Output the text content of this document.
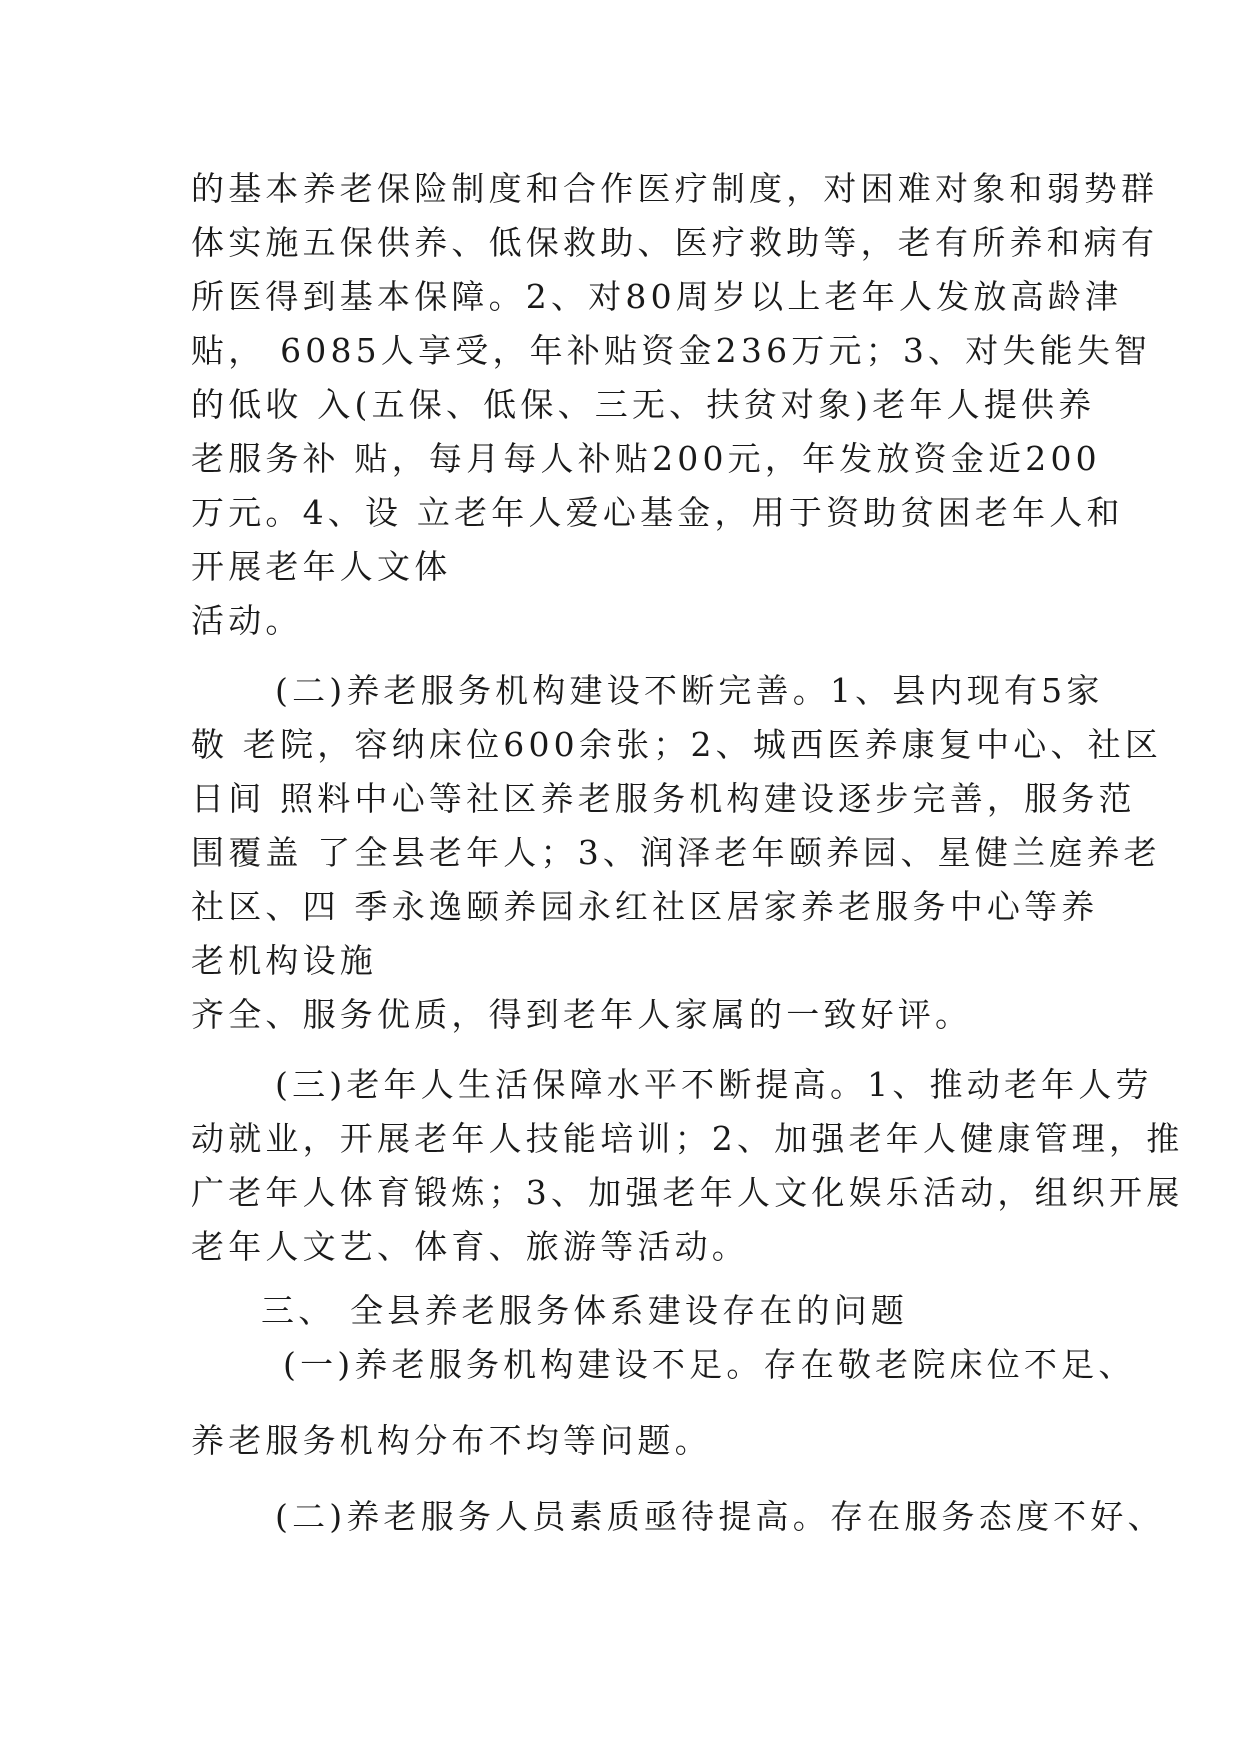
的基本养老保险制度和合作医疗制度，对困难对象和弱势群
体实施五保供养、低保救助、医疗救助等，老有所养和病有
所医得到基本保障。2、对80周岁以上老年人发放高龄津
贴， 6085人享受，年补贴资金236万元；3、对失能失智
的低收 入(五保、低保、三无、扶贫对象)老年人提供养
老服务补 贴，每月每人补贴200元，年发放资金近200
万元。4、设 立老年人爱心基金，用于资助贫困老年人和
开展老年人文体
活动。
(二)养老服务机构建设不断完善。1、县内现有5家
敬 老院，容纳床位600余张；2、城西医养康复中心、社区
日间 照料中心等社区养老服务机构建设逐步完善，服务范
围覆盖 了全县老年人；3、润泽老年颐养园、星健兰庭养老
社区、四 季永逸颐养园永红社区居家养老服务中心等养
老机构设施
齐全、服务优质，得到老年人家属的一致好评。
(三)老年人生活保障水平不断提高。1、推动老年人劳
动就业，开展老年人技能培训；2、加强老年人健康管理，推
广老年人体育锻炼；3、加强老年人文化娱乐活动，组织开展
老年人文艺、体育、旅游等活动。
三、 全县养老服务体系建设存在的问题
(一)养老服务机构建设不足。存在敬老院床位不足、
养老服务机构分布不均等问题。
(二)养老服务人员素质亟待提高。存在服务态度不好、
